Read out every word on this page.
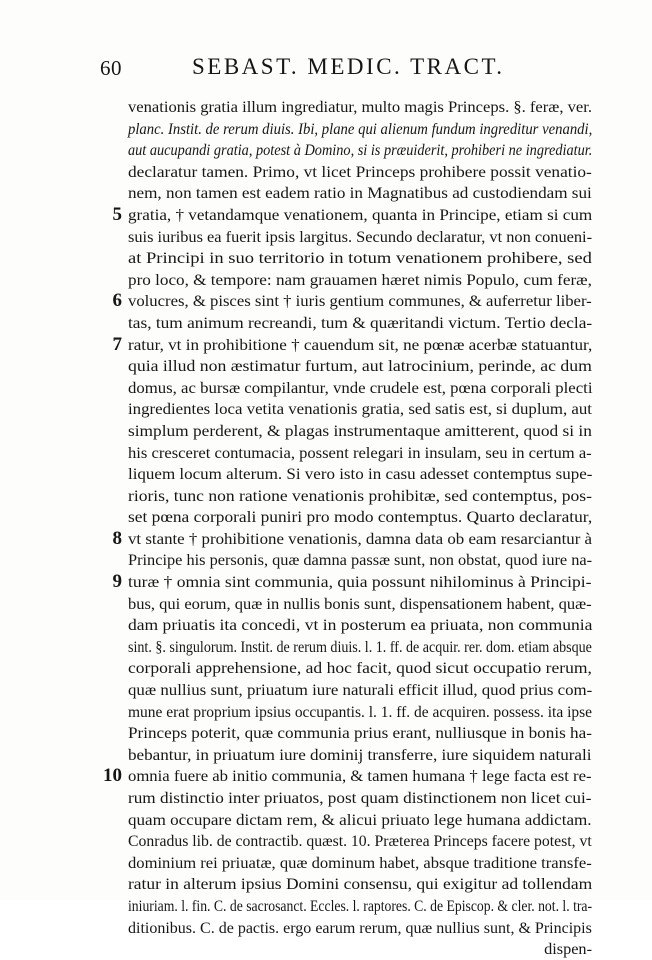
60	SEBAST. MEDIC. TRACT.
venationis gratia illum ingrediatur, multo magis Princeps. §. feræ, ver.
planc. Instit. de rerum diuis. Ibi, plane qui alienum fundum ingreditur venandi,
aut aucupandi gratia, potest à Domino, si is præuiderit, prohiberi ne ingrediatur.
declaratur tamen. Primo, vt licet Princeps prohibere possit venatio-
nem, non tamen est eadem ratio in Magnatibus ad custodiendam sui
5 gratia, † vetandamque venationem, quanta in Principe, etiam si cum
suis iuribus ea fuerit ipsis largitus. Secundo declaratur, vt non conueni-
at Principi in suo territorio in totum venationem prohibere, sed
pro loco, & tempore: nam grauamen hæret nimis Populo, cum feræ,
6 volucres, & pisces sint † iuris gentium communes, & auferretur liber-
tas, tum animum recreandi, tum & quæritandi victum. Tertio decla-
7 ratur, vt in prohibitione † cauendum sit, ne pœnæ acerbæ statuantur,
quia illud non æstimatur furtum, aut latrocinium, perinde, ac dum
domus, ac bursæ compilantur, vnde crudele est, pœna corporali plecti
ingredientes loca vetita venationis gratia, sed satis est, si duplum, aut
simplum perderent, & plagas instrumentaque amitterent, quod si in
his cresceret contumacia, possent relegari in insulam, seu in certum a-
liquem locum alterum. Si vero isto in casu adesset contemptus supe-
rioris, tunc non ratione venationis prohibitæ, sed contemptus, pos-
set pœna corporali puniri pro modo contemptus. Quarto declaratur,
8 vt stante † prohibitione venationis, damna data ob eam resarciantur à
Principe his personis, quæ damna passæ sunt, non obstat, quod iure na-
9 turæ † omnia sint communia, quia possunt nihilominus à Principi-
bus, qui eorum, quæ in nullis bonis sunt, dispensationem habent, quæ-
dam priuatis ita concedi, vt in posterum ea priuata, non communia
sint. §. singulorum. Instit. de rerum diuis. l. 1. ff. de acquir. rer. dom. etiam absque
corporali apprehensione, ad hoc facit, quod sicut occupatio rerum,
quæ nullius sunt, priuatum iure naturali efficit illud, quod prius com-
mune erat proprium ipsius occupantis. l. 1. ff. de acquiren. possess. ita ipse
Princeps poterit, quæ communia prius erant, nulliusque in bonis ha-
bebantur, in priuatum iure dominij transferre, iure siquidem naturali
10 omnia fuere ab initio communia, & tamen humana † lege facta est re-
rum distinctio inter priuatos, post quam distinctionem non licet cui-
quam occupare dictam rem, & alicui priuato lege humana addictam.
Conradus lib. de contractib. quæst. 10. Præterea Princeps facere potest, vt
dominium rei priuatæ, quæ dominum habet, absque traditione transfe-
ratur in alterum ipsius Domini consensu, qui exigitur ad tollendam
iniuriam. l. fin. C. de sacrosanct. Eccles. l. raptores. C. de Episcop. & cler. not. l. tra-
ditionibus. C. de pactis. ergo earum rerum, quæ nullius sunt, & Principis
dispen-
